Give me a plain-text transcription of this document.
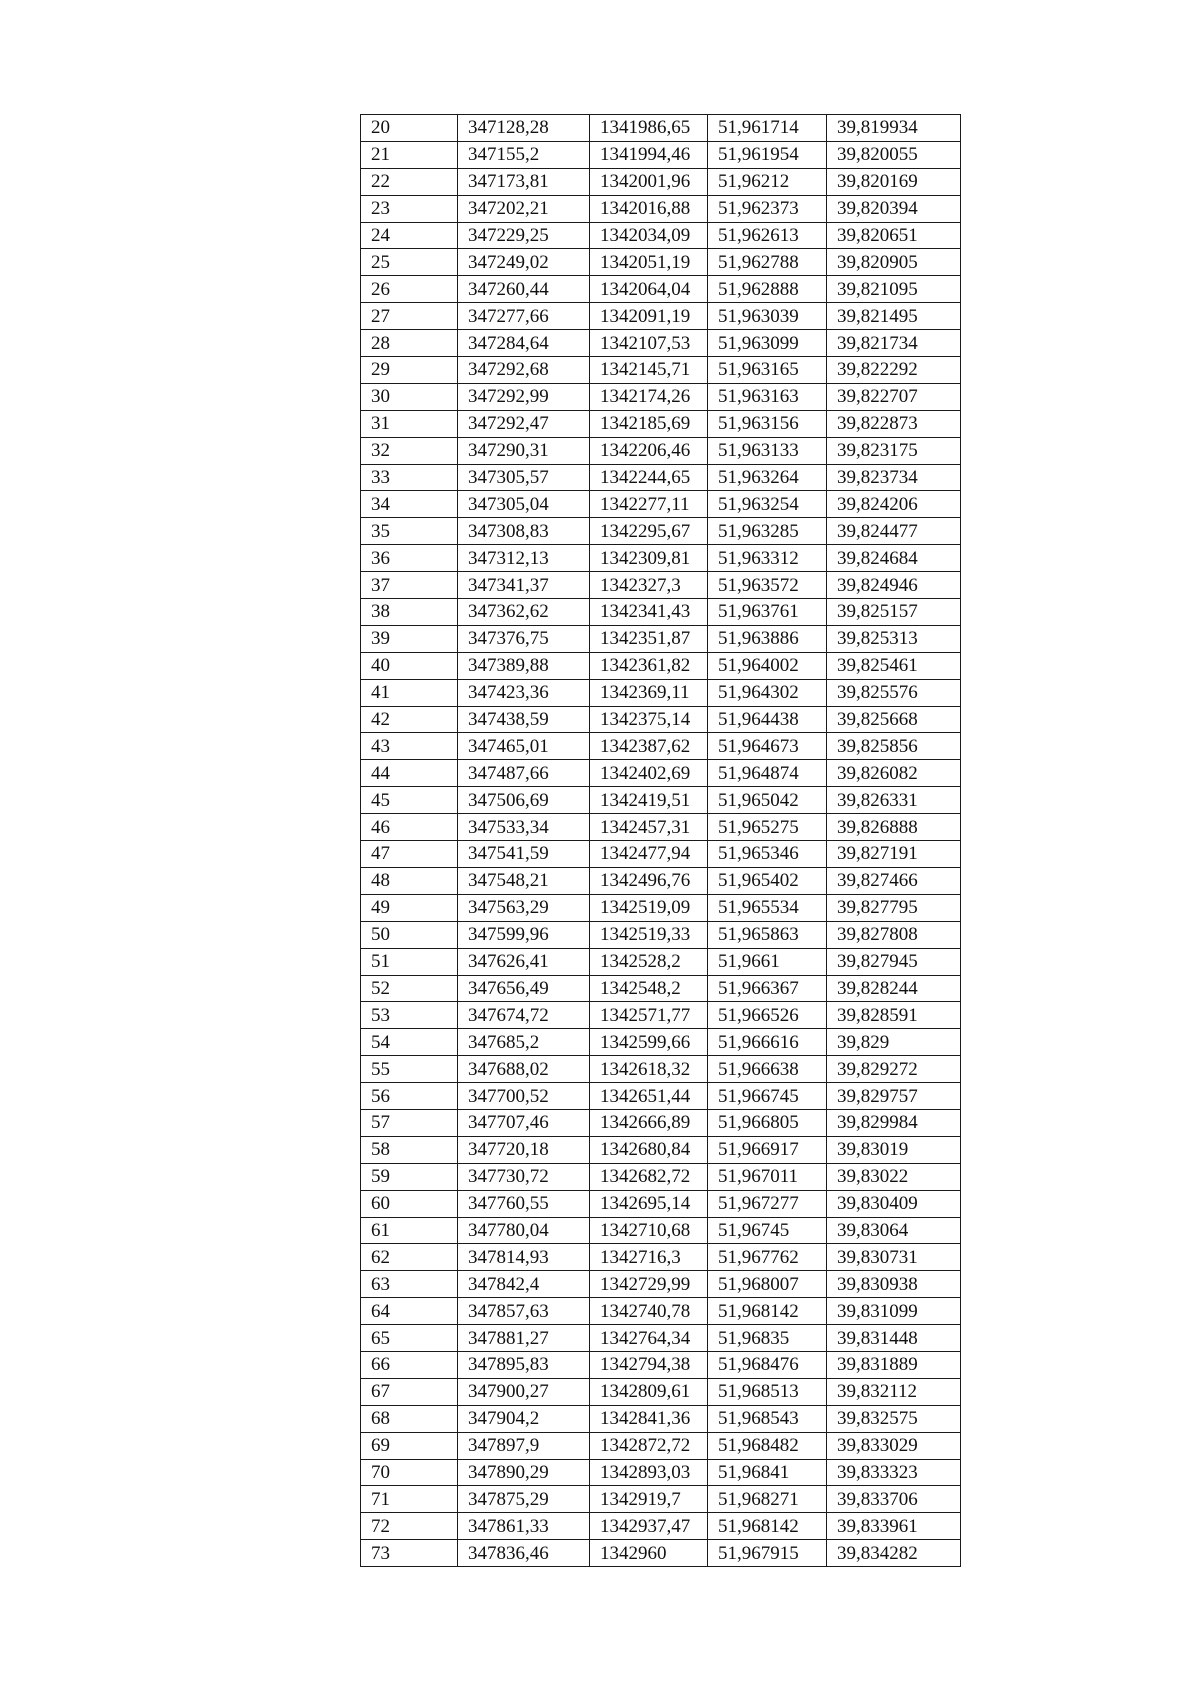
20	347128,28	1341986,65	51,961714	39,819934
21	347155,2	1341994,46	51,961954	39,820055
22	347173,81	1342001,96	51,96212	39,820169
23	347202,21	1342016,88	51,962373	39,820394
24	347229,25	1342034,09	51,962613	39,820651
25	347249,02	1342051,19	51,962788	39,820905
26	347260,44	1342064,04	51,962888	39,821095
27	347277,66	1342091,19	51,963039	39,821495
28	347284,64	1342107,53	51,963099	39,821734
29	347292,68	1342145,71	51,963165	39,822292
30	347292,99	1342174,26	51,963163	39,822707
31	347292,47	1342185,69	51,963156	39,822873
32	347290,31	1342206,46	51,963133	39,823175
33	347305,57	1342244,65	51,963264	39,823734
34	347305,04	1342277,11	51,963254	39,824206
35	347308,83	1342295,67	51,963285	39,824477
36	347312,13	1342309,81	51,963312	39,824684
37	347341,37	1342327,3	51,963572	39,824946
38	347362,62	1342341,43	51,963761	39,825157
39	347376,75	1342351,87	51,963886	39,825313
40	347389,88	1342361,82	51,964002	39,825461
41	347423,36	1342369,11	51,964302	39,825576
42	347438,59	1342375,14	51,964438	39,825668
43	347465,01	1342387,62	51,964673	39,825856
44	347487,66	1342402,69	51,964874	39,826082
45	347506,69	1342419,51	51,965042	39,826331
46	347533,34	1342457,31	51,965275	39,826888
47	347541,59	1342477,94	51,965346	39,827191
48	347548,21	1342496,76	51,965402	39,827466
49	347563,29	1342519,09	51,965534	39,827795
50	347599,96	1342519,33	51,965863	39,827808
51	347626,41	1342528,2	51,9661	39,827945
52	347656,49	1342548,2	51,966367	39,828244
53	347674,72	1342571,77	51,966526	39,828591
54	347685,2	1342599,66	51,966616	39,829
55	347688,02	1342618,32	51,966638	39,829272
56	347700,52	1342651,44	51,966745	39,829757
57	347707,46	1342666,89	51,966805	39,829984
58	347720,18	1342680,84	51,966917	39,83019
59	347730,72	1342682,72	51,967011	39,83022
60	347760,55	1342695,14	51,967277	39,830409
61	347780,04	1342710,68	51,96745	39,83064
62	347814,93	1342716,3	51,967762	39,830731
63	347842,4	1342729,99	51,968007	39,830938
64	347857,63	1342740,78	51,968142	39,831099
65	347881,27	1342764,34	51,96835	39,831448
66	347895,83	1342794,38	51,968476	39,831889
67	347900,27	1342809,61	51,968513	39,832112
68	347904,2	1342841,36	51,968543	39,832575
69	347897,9	1342872,72	51,968482	39,833029
70	347890,29	1342893,03	51,96841	39,833323
71	347875,29	1342919,7	51,968271	39,833706
72	347861,33	1342937,47	51,968142	39,833961
73	347836,46	1342960	51,967915	39,834282
